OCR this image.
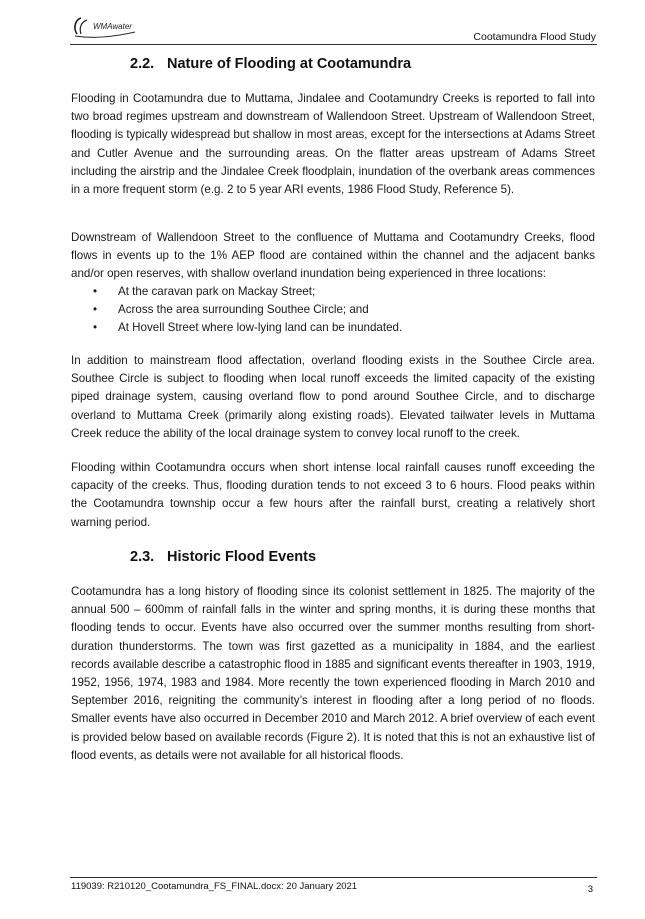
WMAwater
Cootamundra Flood Study
2.2. Nature of Flooding at Cootamundra

Flooding in Cootamundra due to Muttama, Jindalee and Cootamundry Creeks is reported to fall into two broad regimes upstream and downstream of Wallendoon Street. Upstream of Wallendoon Street, flooding is typically widespread but shallow in most areas, except for the intersections at Adams Street and Cutler Avenue and the surrounding areas. On the flatter areas upstream of Adams Street including the airstrip and the Jindalee Creek floodplain, inundation of the overbank areas commences in a more frequent storm (e.g. 2 to 5 year ARI events, 1986 Flood Study, Reference 5).

Downstream of Wallendoon Street to the confluence of Muttama and Cootamundry Creeks, flood flows in events up to the 1% AEP flood are contained within the channel and the adjacent banks and/or open reserves, with shallow overland inundation being experienced in three locations:

• At the caravan park on Mackay Street;
• Across the area surrounding Southee Circle; and
• At Hovell Street where low-lying land can be inundated.

In addition to mainstream flood affectation, overland flooding exists in the Southee Circle area. Southee Circle is subject to flooding when local runoff exceeds the limited capacity of the existing piped drainage system, causing overland flow to pond around Southee Circle, and to discharge overland to Muttama Creek (primarily along existing roads). Elevated tailwater levels in Muttama Creek reduce the ability of the local drainage system to convey local runoff to the creek.

Flooding within Cootamundra occurs when short intense local rainfall causes runoff exceeding the capacity of the creeks. Thus, flooding duration tends to not exceed 3 to 6 hours. Flood peaks within the Cootamundra township occur a few hours after the rainfall burst, creating a relatively short warning period.

2.3. Historic Flood Events

Cootamundra has a long history of flooding since its colonist settlement in 1825. The majority of the annual 500 – 600mm of rainfall falls in the winter and spring months, it is during these months that flooding tends to occur. Events have also occurred over the summer months resulting from short-duration thunderstorms. The town was first gazetted as a municipality in 1884, and the earliest records available describe a catastrophic flood in 1885 and significant events thereafter in 1903, 1919, 1952, 1956, 1974, 1983 and 1984. More recently the town experienced flooding in March 2010 and September 2016, reigniting the community’s interest in flooding after a long period of no floods. Smaller events have also occurred in December 2010 and March 2012. A brief overview of each event is provided below based on available records (Figure 2). It is noted that this is not an exhaustive list of flood events, as details were not available for all historical floods.

119039: R210120_Cootamundra_FS_FINAL.docx: 20 January 2021	3
